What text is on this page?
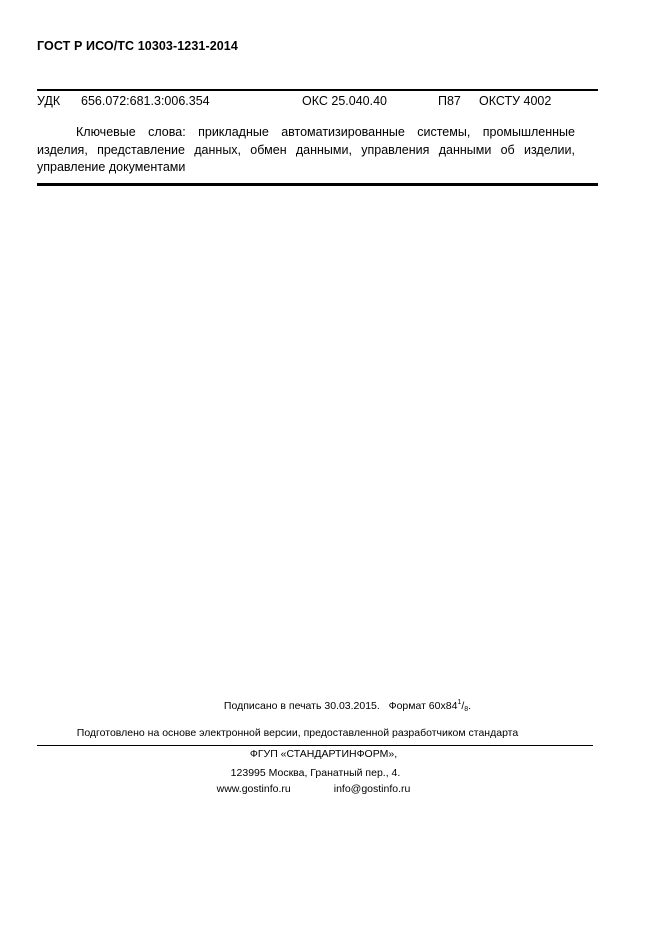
ГОСТ Р ИСО/ТС 10303-1231-2014
УДК 656.072:681.3:006.354	ОКС 25.040.40	П87 ОКСТУ 4002
Ключевые слова: прикладные автоматизированные системы, промышленные изделия, представление данных, обмен данными, управления данными об изделии, управление документами
Подписано в печать 30.03.2015. Формат $60x84^1/_8$.
Подготовлено на основе электронной версии, предоставленной разработчиком стандарта
ФГУП «СТАНДАРТИНФОРМ»,
123995 Москва, Гранатный пер., 4.
www.gostinfo.ru	info@gostinfo.ru
